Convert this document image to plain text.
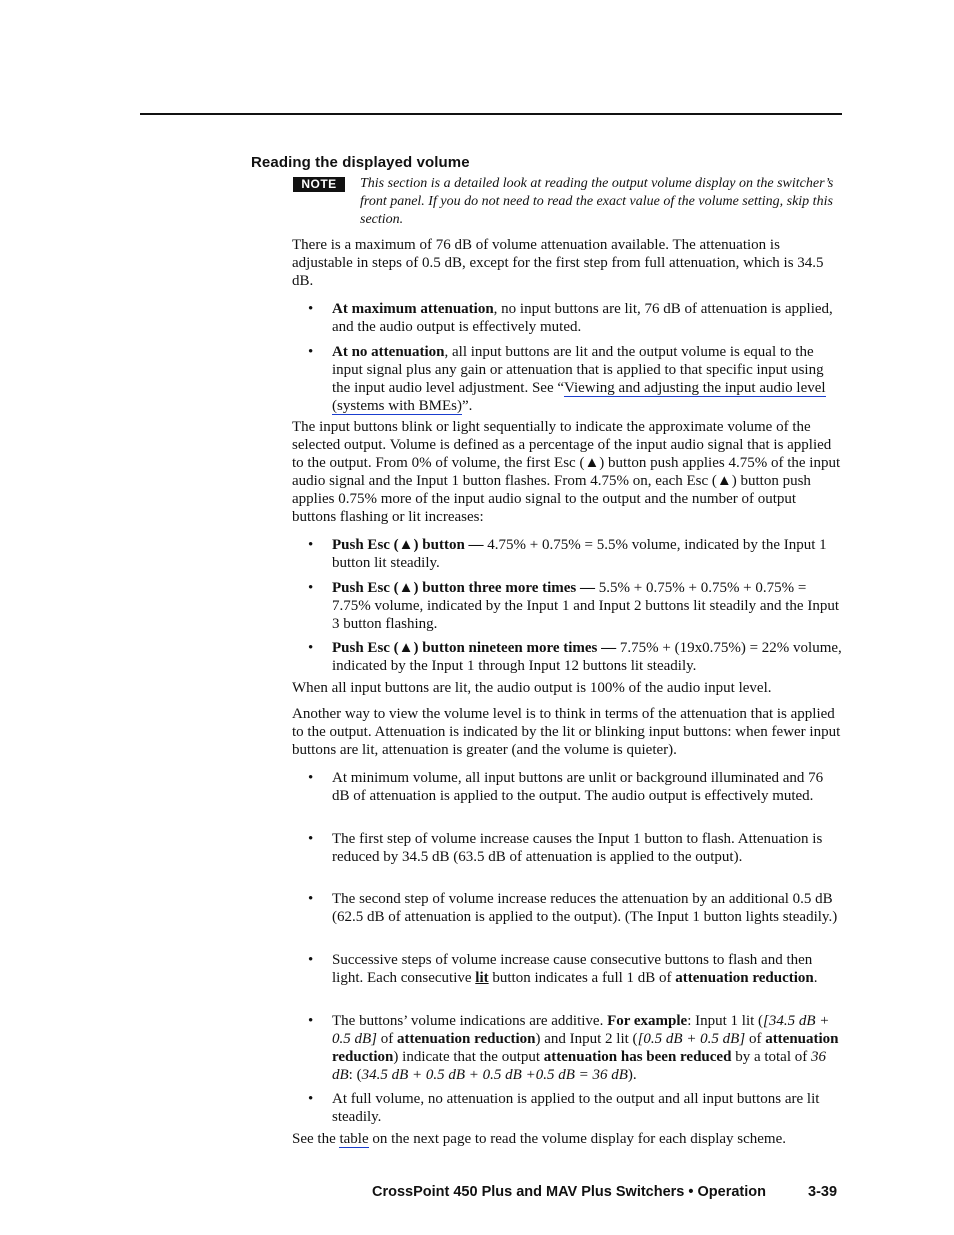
Reading the displayed volume
NOTE	This section is a detailed look at reading the output volume display on the switcher’s front panel. If you do not need to read the exact value of the volume setting, skip this section.
There is a maximum of 76 dB of volume attenuation available. The attenuation is adjustable in steps of 0.5 dB, except for the first step from full attenuation, which is 34.5 dB.
• At maximum attenuation, no input buttons are lit, 76 dB of attenuation is applied, and the audio output is effectively muted.
• At no attenuation, all input buttons are lit and the output volume is equal to the input signal plus any gain or attenuation that is applied to that specific input using the input audio level adjustment. See “Viewing and adjusting the input audio level (systems with BMEs)”.
The input buttons blink or light sequentially to indicate the approximate volume of the selected output. Volume is defined as a percentage of the input audio signal that is applied to the output. From 0% of volume, the first Esc (▲) button push applies 4.75% of the input audio signal and the Input 1 button flashes. From 4.75% on, each Esc (▲) button push applies 0.75% more of the input audio signal to the output and the number of output buttons flashing or lit increases:
• Push Esc (▲) button — 4.75% + 0.75% = 5.5% volume, indicated by the Input 1 button lit steadily.
• Push Esc (▲) button three more times — 5.5% + 0.75% + 0.75% + 0.75% = 7.75% volume, indicated by the Input 1 and Input 2 buttons lit steadily and the Input 3 button flashing.
• Push Esc (▲) button nineteen more times — 7.75% + (19x0.75%) = 22% volume, indicated by the Input 1 through Input 12 buttons lit steadily.
When all input buttons are lit, the audio output is 100% of the audio input level.
Another way to view the volume level is to think in terms of the attenuation that is applied to the output. Attenuation is indicated by the lit or blinking input buttons: when fewer input buttons are lit, attenuation is greater (and the volume is quieter).
• At minimum volume, all input buttons are unlit or background illuminated and 76 dB of attenuation is applied to the output. The audio output is effectively muted.
• The first step of volume increase causes the Input 1 button to flash. Attenuation is reduced by 34.5 dB (63.5 dB of attenuation is applied to the output).
• The second step of volume increase reduces the attenuation by an additional 0.5 dB (62.5 dB of attenuation is applied to the output). (The Input 1 button lights steadily.)
• Successive steps of volume increase cause consecutive buttons to flash and then light. Each consecutive lit button indicates a full 1 dB of attenuation reduction.
• The buttons’ volume indications are additive. For example: Input 1 lit ([34.5 dB + 0.5 dB] of attenuation reduction) and Input 2 lit ([0.5 dB + 0.5 dB] of attenuation reduction) indicate that the output attenuation has been reduced by a total of 36 dB: (34.5 dB + 0.5 dB + 0.5 dB +0.5 dB = 36 dB).
• At full volume, no attenuation is applied to the output and all input buttons are lit steadily.
See the table on the next page to read the volume display for each display scheme.
CrossPoint 450 Plus and MAV Plus Switchers • Operation	3-39
